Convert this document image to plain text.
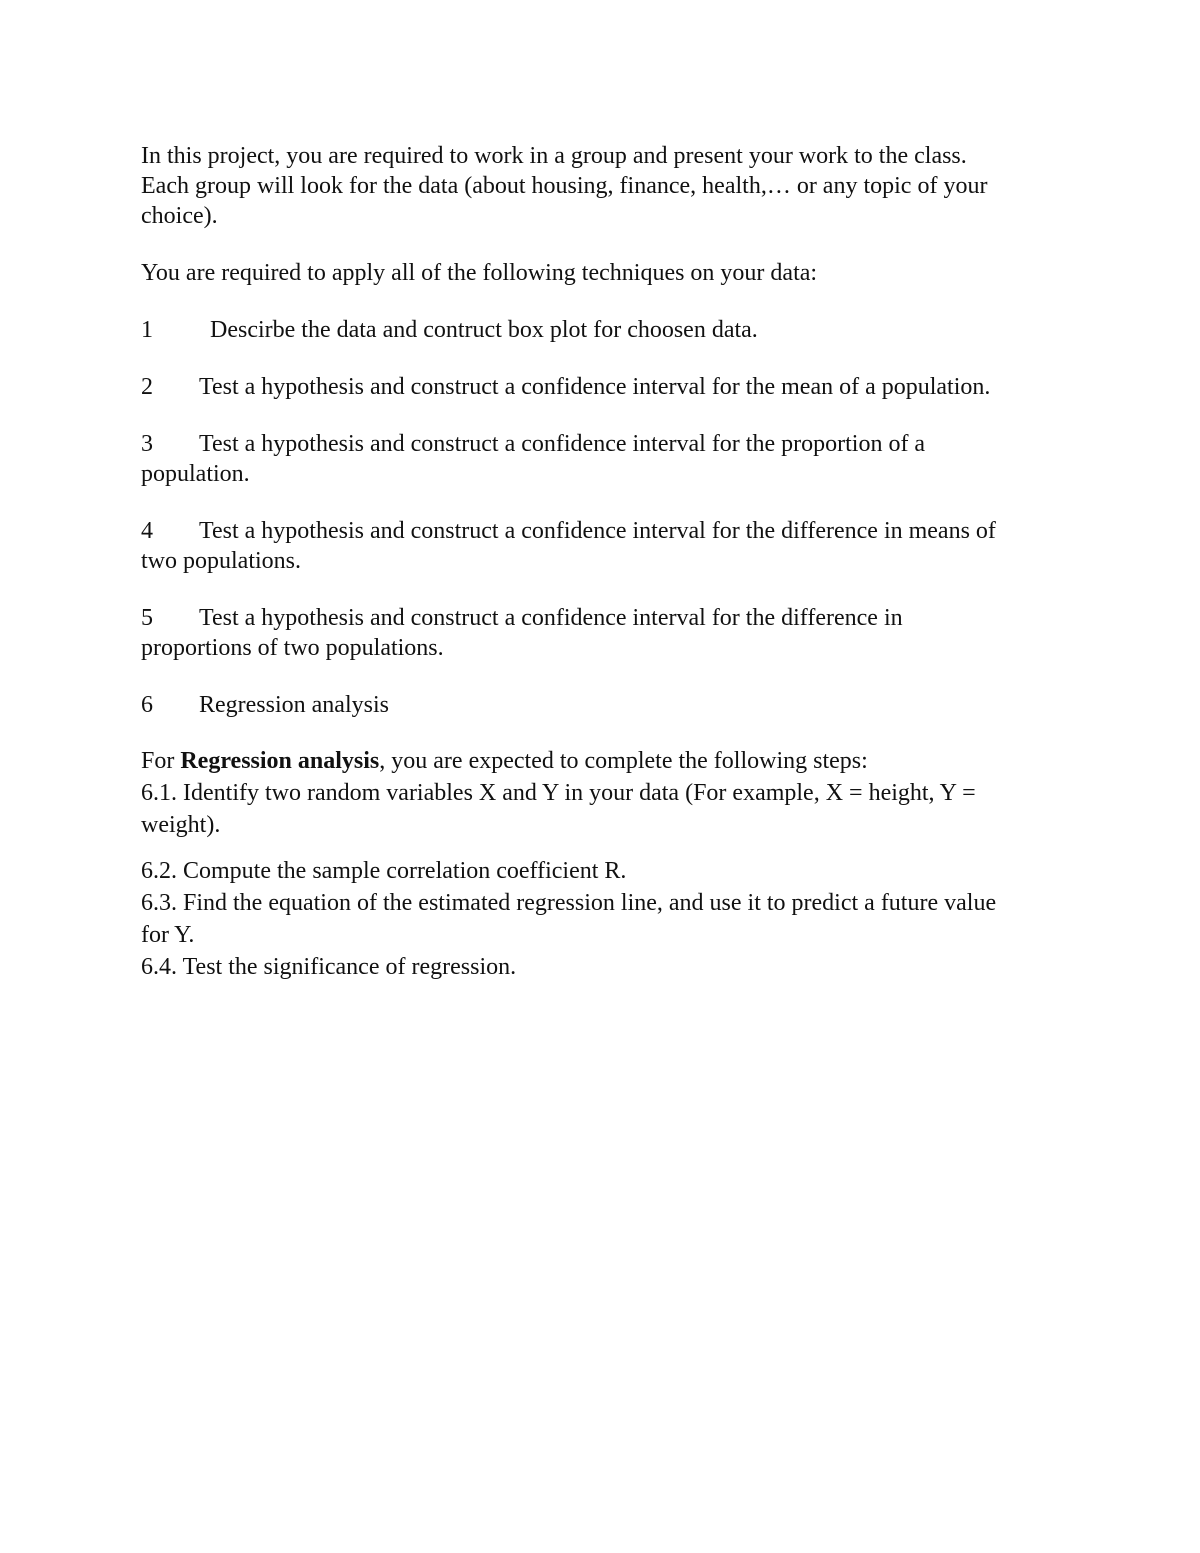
In this project, you are required to work in a group and present your work to the class.
Each group will look for the data (about housing, finance, health,… or any topic of your
choice).

You are required to apply all of the following techniques on your data:

1 Descirbe the data and contruct box plot for choosen data.
2 Test a hypothesis and construct a confidence interval for the mean of a population.
3 Test a hypothesis and construct a confidence interval for the proportion of a
population.
4 Test a hypothesis and construct a confidence interval for the difference in means of
two populations.
5 Test a hypothesis and construct a confidence interval for the difference in
proportions of two populations.
6 Regression analysis

For Regression analysis, you are expected to complete the following steps:

6.1. Identify two random variables X and Y in your data (For example, X = height, Y =
weight).

6.2. Compute the sample correlation coefficient R.

6.3. Find the equation of the estimated regression line, and use it to predict a future value
for Y.

6.4. Test the significance of regression.
